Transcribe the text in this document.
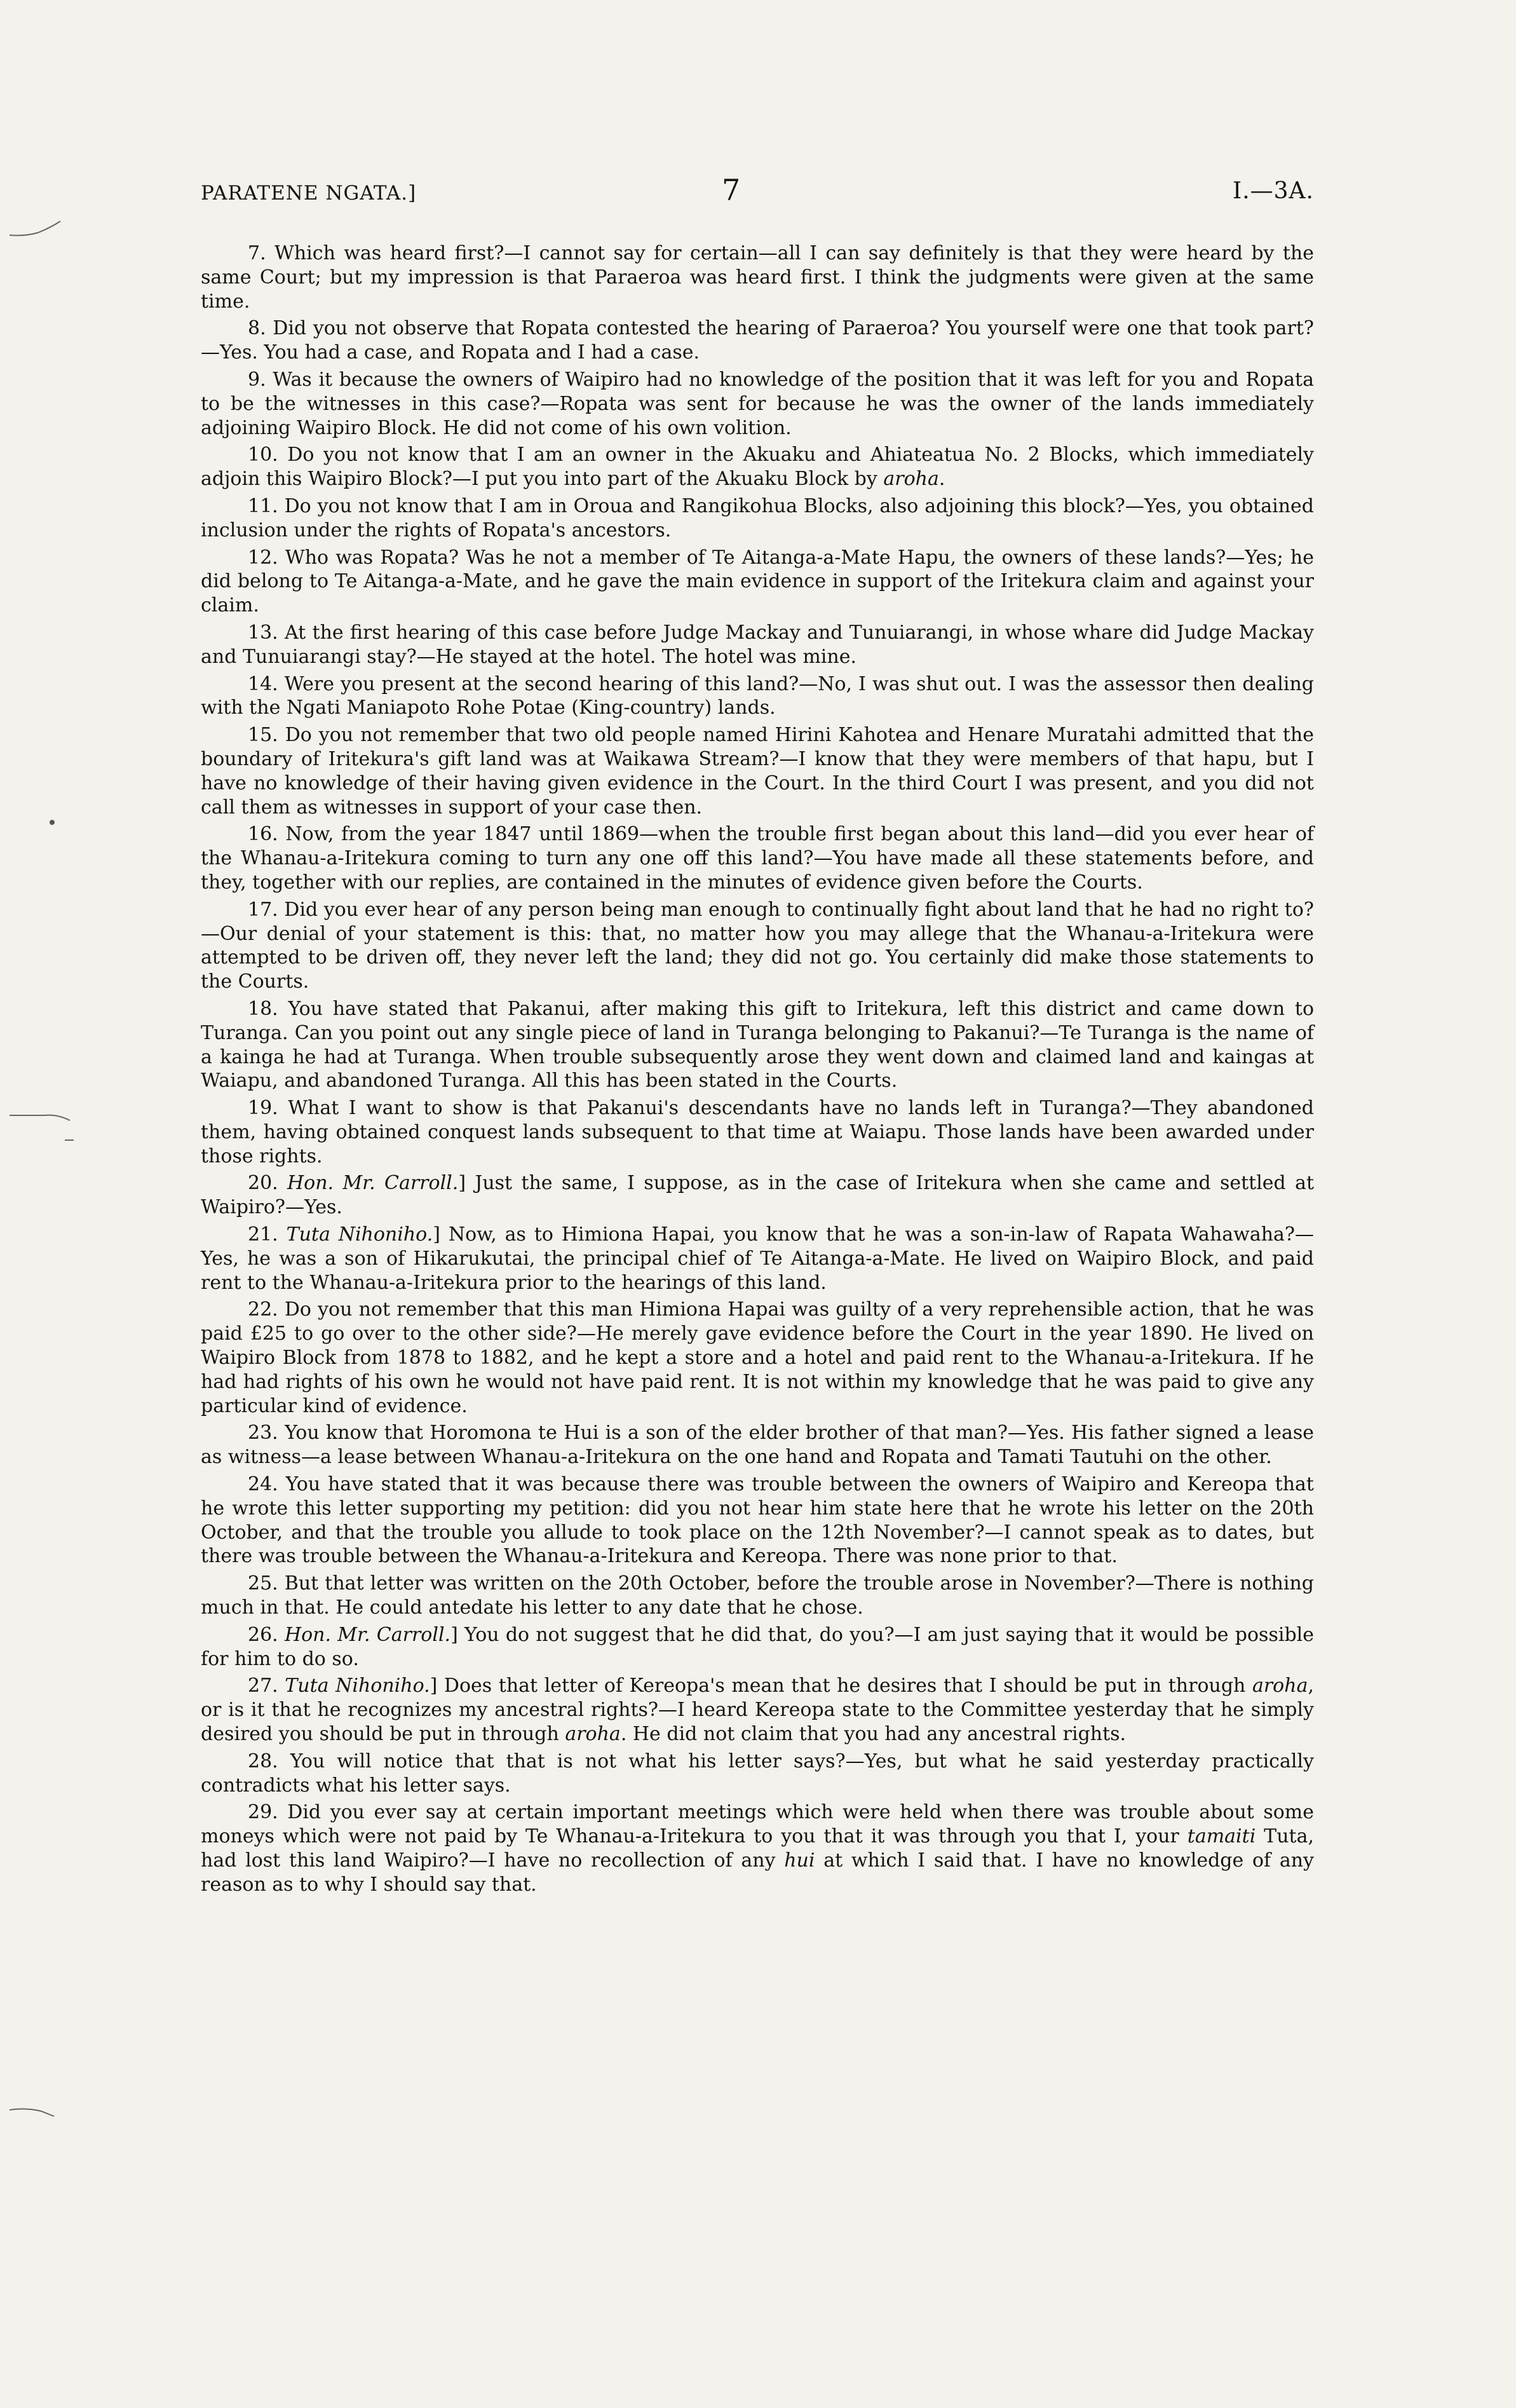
PARATENE NGATA.]	7	I.—3A.

7. Which was heard first?—I cannot say for certain—all I can say definitely is that they were heard by the same Court; but my impression is that Paraeroa was heard first. I think the judgments were given at the same time.

8. Did you not observe that Ropata contested the hearing of Paraeroa? You yourself were one that took part?—Yes. You had a case, and Ropata and I had a case.

9. Was it because the owners of Waipiro had no knowledge of the position that it was left for you and Ropata to be the witnesses in this case?—Ropata was sent for because he was the owner of the lands immediately adjoining Waipiro Block. He did not come of his own volition.

10. Do you not know that I am an owner in the Akuaku and Ahiateatua No. 2 Blocks, which immediately adjoin this Waipiro Block?—I put you into part of the Akuaku Block by aroha.

11. Do you not know that I am in Oroua and Rangikohua Blocks, also adjoining this block?—Yes, you obtained inclusion under the rights of Ropata's ancestors.

12. Who was Ropata? Was he not a member of Te Aitanga-a-Mate Hapu, the owners of these lands?—Yes; he did belong to Te Aitanga-a-Mate, and he gave the main evidence in support of the Iritekura claim and against your claim.

13. At the first hearing of this case before Judge Mackay and Tunuiarangi, in whose whare did Judge Mackay and Tunuiarangi stay?—He stayed at the hotel. The hotel was mine.

14. Were you present at the second hearing of this land?—No, I was shut out. I was the assessor then dealing with the Ngati Maniapoto Rohe Potae (King-country) lands.

15. Do you not remember that two old people named Hirini Kahotea and Henare Muratahi admitted that the boundary of Iritekura's gift land was at Waikawa Stream?—I know that they were members of that hapu, but I have no knowledge of their having given evidence in the Court. In the third Court I was present, and you did not call them as witnesses in support of your case then.

16. Now, from the year 1847 until 1869—when the trouble first began about this land—did you ever hear of the Whanau-a-Iritekura coming to turn any one off this land?—You have made all these statements before, and they, together with our replies, are contained in the minutes of evidence given before the Courts.

17. Did you ever hear of any person being man enough to continually fight about land that he had no right to?—Our denial of your statement is this: that, no matter how you may allege that the Whanau-a-Iritekura were attempted to be driven off, they never left the land; they did not go. You certainly did make those statements to the Courts.

18. You have stated that Pakanui, after making this gift to Iritekura, left this district and came down to Turanga. Can you point out any single piece of land in Turanga belonging to Pakanui?—Te Turanga is the name of a kainga he had at Turanga. When trouble subsequently arose they went down and claimed land and kaingas at Waiapu, and abandoned Turanga. All this has been stated in the Courts.

19. What I want to show is that Pakanui's descendants have no lands left in Turanga?—They abandoned them, having obtained conquest lands subsequent to that time at Waiapu. Those lands have been awarded under those rights.

20. Hon. Mr. Carroll.] Just the same, I suppose, as in the case of Iritekura when she came and settled at Waipiro?—Yes.

21. Tuta Nihoniho.] Now, as to Himiona Hapai, you know that he was a son-in-law of Rapata Wahawaha?—Yes, he was a son of Hikarukutai, the principal chief of Te Aitanga-a-Mate. He lived on Waipiro Block, and paid rent to the Whanau-a-Iritekura prior to the hearings of this land.

22. Do you not remember that this man Himiona Hapai was guilty of a very reprehensible action, that he was paid £25 to go over to the other side?—He merely gave evidence before the Court in the year 1890. He lived on Waipiro Block from 1878 to 1882, and he kept a store and a hotel and paid rent to the Whanau-a-Iritekura. If he had had rights of his own he would not have paid rent. It is not within my knowledge that he was paid to give any particular kind of evidence.

23. You know that Horomona te Hui is a son of the elder brother of that man?—Yes. His father signed a lease as witness—a lease between Whanau-a-Iritekura on the one hand and Ropata and Tamati Tautuhi on the other.

24. You have stated that it was because there was trouble between the owners of Waipiro and Kereopa that he wrote this letter supporting my petition: did you not hear him state here that he wrote his letter on the 20th October, and that the trouble you allude to took place on the 12th November?—I cannot speak as to dates, but there was trouble between the Whanau-a-Iritekura and Kereopa. There was none prior to that.

25. But that letter was written on the 20th October, before the trouble arose in November?—There is nothing much in that. He could antedate his letter to any date that he chose.

26. Hon. Mr. Carroll.] You do not suggest that he did that, do you?—I am just saying that it would be possible for him to do so.

27. Tuta Nihoniho.] Does that letter of Kereopa's mean that he desires that I should be put in through aroha, or is it that he recognizes my ancestral rights?—I heard Kereopa state to the Committee yesterday that he simply desired you should be put in through aroha. He did not claim that you had any ancestral rights.

28. You will notice that that is not what his letter says?—Yes, but what he said yesterday practically contradicts what his letter says.

29. Did you ever say at certain important meetings which were held when there was trouble about some moneys which were not paid by Te Whanau-a-Iritekura to you that it was through you that I, your tamaiti Tuta, had lost this land Waipiro?—I have no recollection of any hui at which I said that. I have no knowledge of any reason as to why I should say that.
